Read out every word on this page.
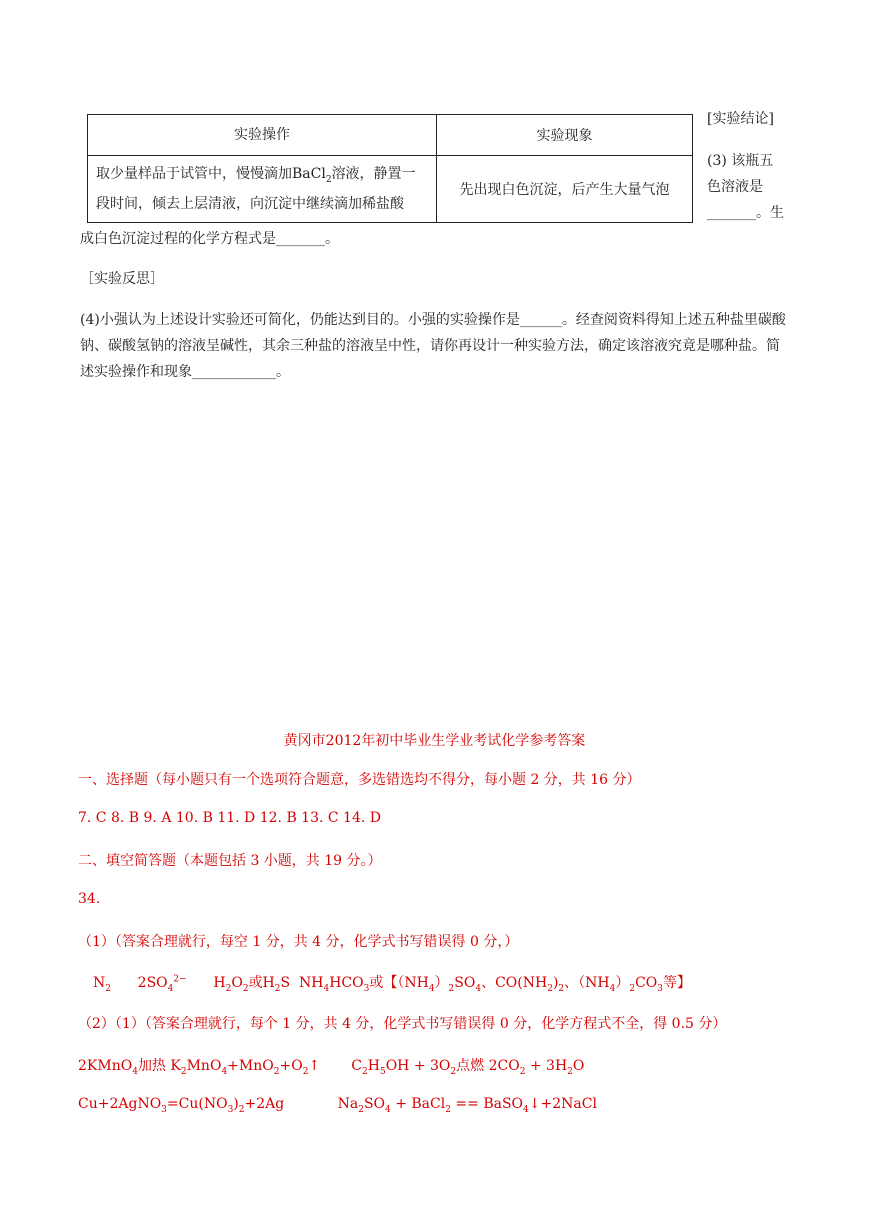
实验操作	实验现象
取少量样品于试管中，慢慢滴加BaCl$_2$溶液，静置一段时间，倾去上层清液，向沉淀中继续滴加稀盐酸	先出现白色沉淀，后产生大量气泡
[实验结论]
(3) 该瓶五
色溶液是
_______。生
成白色沉淀过程的化学方程式是_______。
［实验反思］
(4)小强认为上述设计实验还可简化，仍能达到目的。小强的实验操作是______。经查阅资料得知上述五种盐里碳酸钠、碳酸氢钠的溶液呈碱性，其余三种盐的溶液呈中性，请你再设计一种实验方法，确定该溶液究竟是哪种盐。简述实验操作和现象____________。
黄冈市2012年初中毕业生学业考试化学参考答案
一、选择题（每小题只有一个选项符合题意，多选错选均不得分，每小题 2 分，共 16 分）
7. C 8. B 9. A 10. B 11. D 12. B 13. C 14. D
二、填空简答题（本题包括 3 小题，共 19 分。）
34.
（1）（答案合理就行，每空 1 分，共 4 分，化学式书写错误得 0 分，）
$N_2$      $2SO_4^{2-}$      $H_2O_2$或$H_2S$  $NH_4HCO_3$或【$(NH_4)_2SO_4$、$CO(NH_2)_2$、$(NH_4)_2CO_3$等】
（2）（1）（答案合理就行，每个 1 分，共 4 分，化学式书写错误得 0 分，化学方程式不全，得 0.5 分）
2KMnO$_4$加热 $K_2MnO_4+MnO_2+O_2↑$       $C_2H_5OH + 3O_2$点燃 $2CO_2 + 3H_2O$
$Cu+2AgNO_3=Cu(NO_3)_2+2Ag$            $Na_2SO_4$ + BaCl$_2$ == BaSO$_4$↓+2NaCl
